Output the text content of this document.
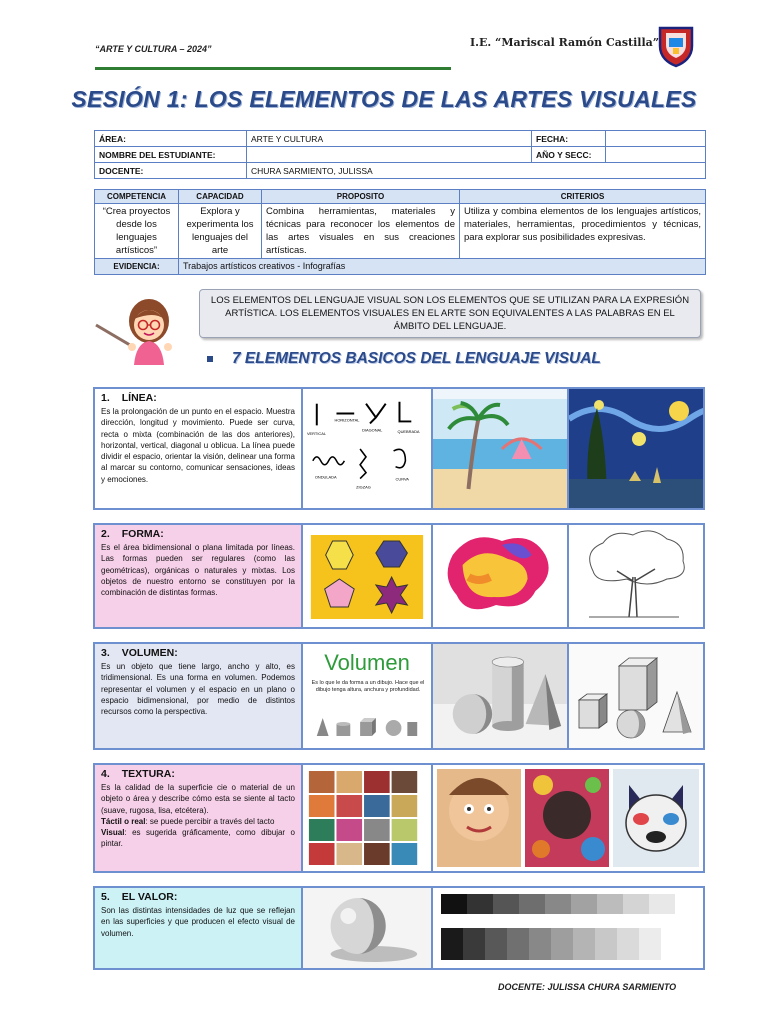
“ARTE Y CULTURA – 2024”	I.E. “Mariscal Ramón Castilla”
SESIÓN 1: LOS ELEMENTOS DE LAS ARTES VISUALES
ÁREA:	ARTE Y CULTURA	FECHA:	
NOMBRE DEL ESTUDIANTE:		AÑO Y SECC:	
DOCENTE:	CHURA SARMIENTO, JULISSA		
COMPETENCIA	CAPACIDAD	PROPOSITO	CRITERIOS
“Crea proyectos desde los lenguajes artísticos”	Explora y experimenta los lenguajes del arte	Combina herramientas, materiales y técnicas para reconocer los elementos de las artes visuales en sus creaciones artísticas.	Utiliza y combina elementos de los lenguajes artísticos, materiales, herramientas, procedimientos y técnicas, para explorar sus posibilidades expresivas.
EVIDENCIA:	Trabajos artísticos creativos - Infografías		
LOS ELEMENTOS DEL LENGUAJE VISUAL SON LOS ELEMENTOS QUE SE UTILIZAN PARA LA EXPRESIÓN ARTÍSTICA. LOS ELEMENTOS VISUALES EN EL ARTE SON EQUIVALENTES A LAS PALABRAS EN EL ÁMBITO DEL LENGUAJE.
7 ELEMENTOS BASICOS DEL LENGUAJE VISUAL
1. LÍNEA:

Es la prolongación de un punto en el espacio. Muestra dirección, longitud y movimiento. Puede ser curva, recta o mixta (combinación de las dos anteriores), horizontal, vertical, diagonal u oblicua. La línea puede dividir el espacio, orientar la visión, delinear una forma al marcar su contorno, comunicar sensaciones, ideas y emociones.

VERTICAL
HORIZONTAL
DIAGONAL	QUEBRADA
ONDULADA
ZIGZAG
CURVA
2. FORMA:

Es el área bidimensional o plana limitada por líneas. Las formas pueden ser regulares (como las geométricas), orgánicas o naturales y mixtas. Los objetos de nuestro entorno se constituyen por la combinación de distintas formas.

3. VOLUMEN:

Es un objeto que tiene largo, ancho y alto, es tridimensional. Es una forma en volumen. Podemos representar el volumen y el espacio en un plano o espacio bidimensional, por medio de distintos recursos como la perspectiva.

Volumen
Es lo que le da forma a un dibujo. Hace que el dibujo tenga altura, anchura y profundidad.
4. TEXTURA:

Es la calidad de la superficie cie o material de un objeto o área y describe cómo esta se siente al tacto (suave, rugosa, lisa, etcétera).

Táctil o real: se puede percibir a través del tacto
Visual: es sugerida gráficamente, como dibujar o pintar.

5. EL VALOR:

Son las distintas intensidades de luz que se reflejan en las superficies y que producen el efecto visual de volumen.

DOCENTE: JULISSA CHURA SARMIENTO
